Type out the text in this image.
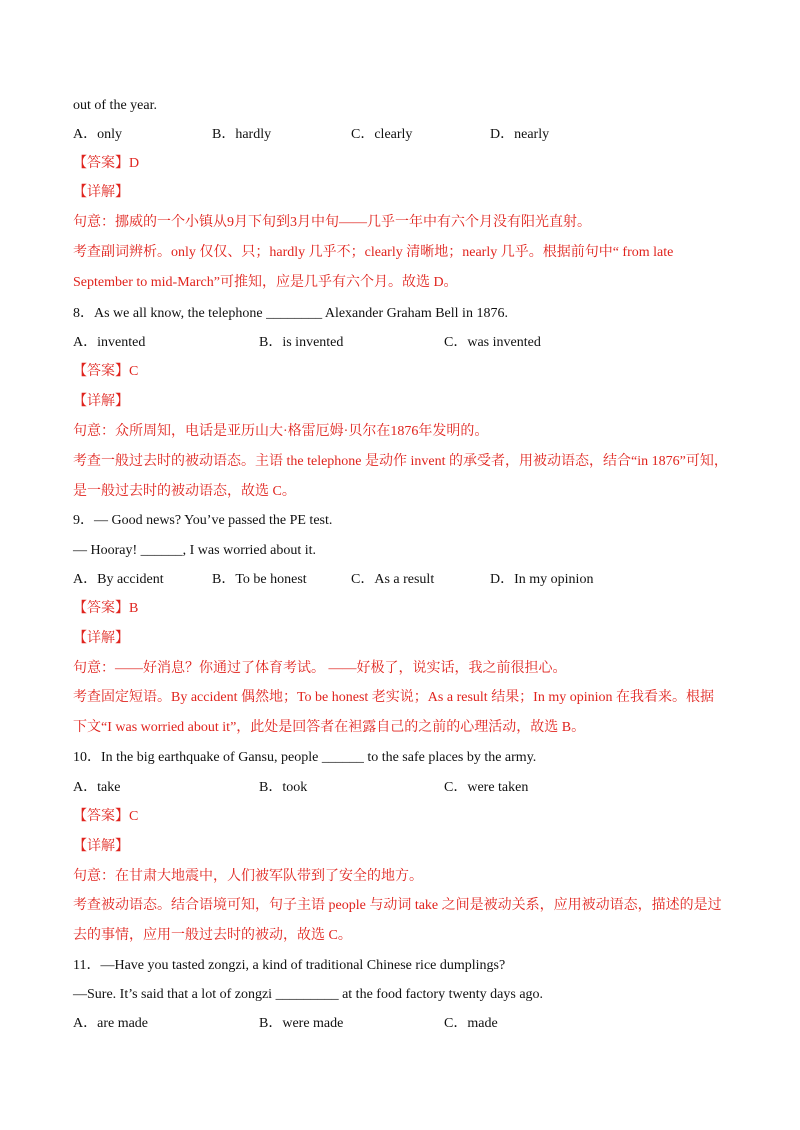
out of the year.
A．only	B．hardly	C．clearly	D．nearly
【答案】D
【详解】
句意：挪威的一个小镇从9月下旬到3月中旬——几乎一年中有六个月没有阳光直射。
考查副词辨析。only 仅仅、只；hardly 几乎不；clearly 清晰地；nearly 几乎。根据前句中“ from late
September to mid-March”可推知，应是几乎有六个月。故选 D。
8．As we all know, the telephone ________ Alexander Graham Bell in 1876.
A．invented	B．is invented	C．was invented
【答案】C
【详解】
句意：众所周知，电话是亚历山大·格雷厄姆·贝尔在1876年发明的。
考查一般过去时的被动语态。主语 the telephone 是动作 invent 的承受者，用被动语态，结合“in 1876”可知，
是一般过去时的被动语态，故选 C。
9．— Good news? You’ve passed the PE test.
— Hooray! ______, I was worried about it.
A．By accident	B．To be honest	C．As a result	D．In my opinion
【答案】B
【详解】
句意：——好消息？你通过了体育考试。 ——好极了，说实话，我之前很担心。
考查固定短语。By accident 偶然地；To be honest 老实说；As a result 结果；In my opinion 在我看来。根据
下文“I was worried about it”，此处是回答者在袒露自己的之前的心理活动，故选 B。
10．In the big earthquake of Gansu, people ______ to the safe places by the army.
A．take	B．took	C．were taken
【答案】C
【详解】
句意：在甘肃大地震中，人们被军队带到了安全的地方。
考查被动语态。结合语境可知，句子主语 people 与动词 take 之间是被动关系，应用被动语态，描述的是过
去的事情，应用一般过去时的被动，故选 C。
11．—Have you tasted zongzi, a kind of traditional Chinese rice dumplings?
—Sure. It’s said that a lot of zongzi _________ at the food factory twenty days ago.
A．are made	B．were made	C．made
